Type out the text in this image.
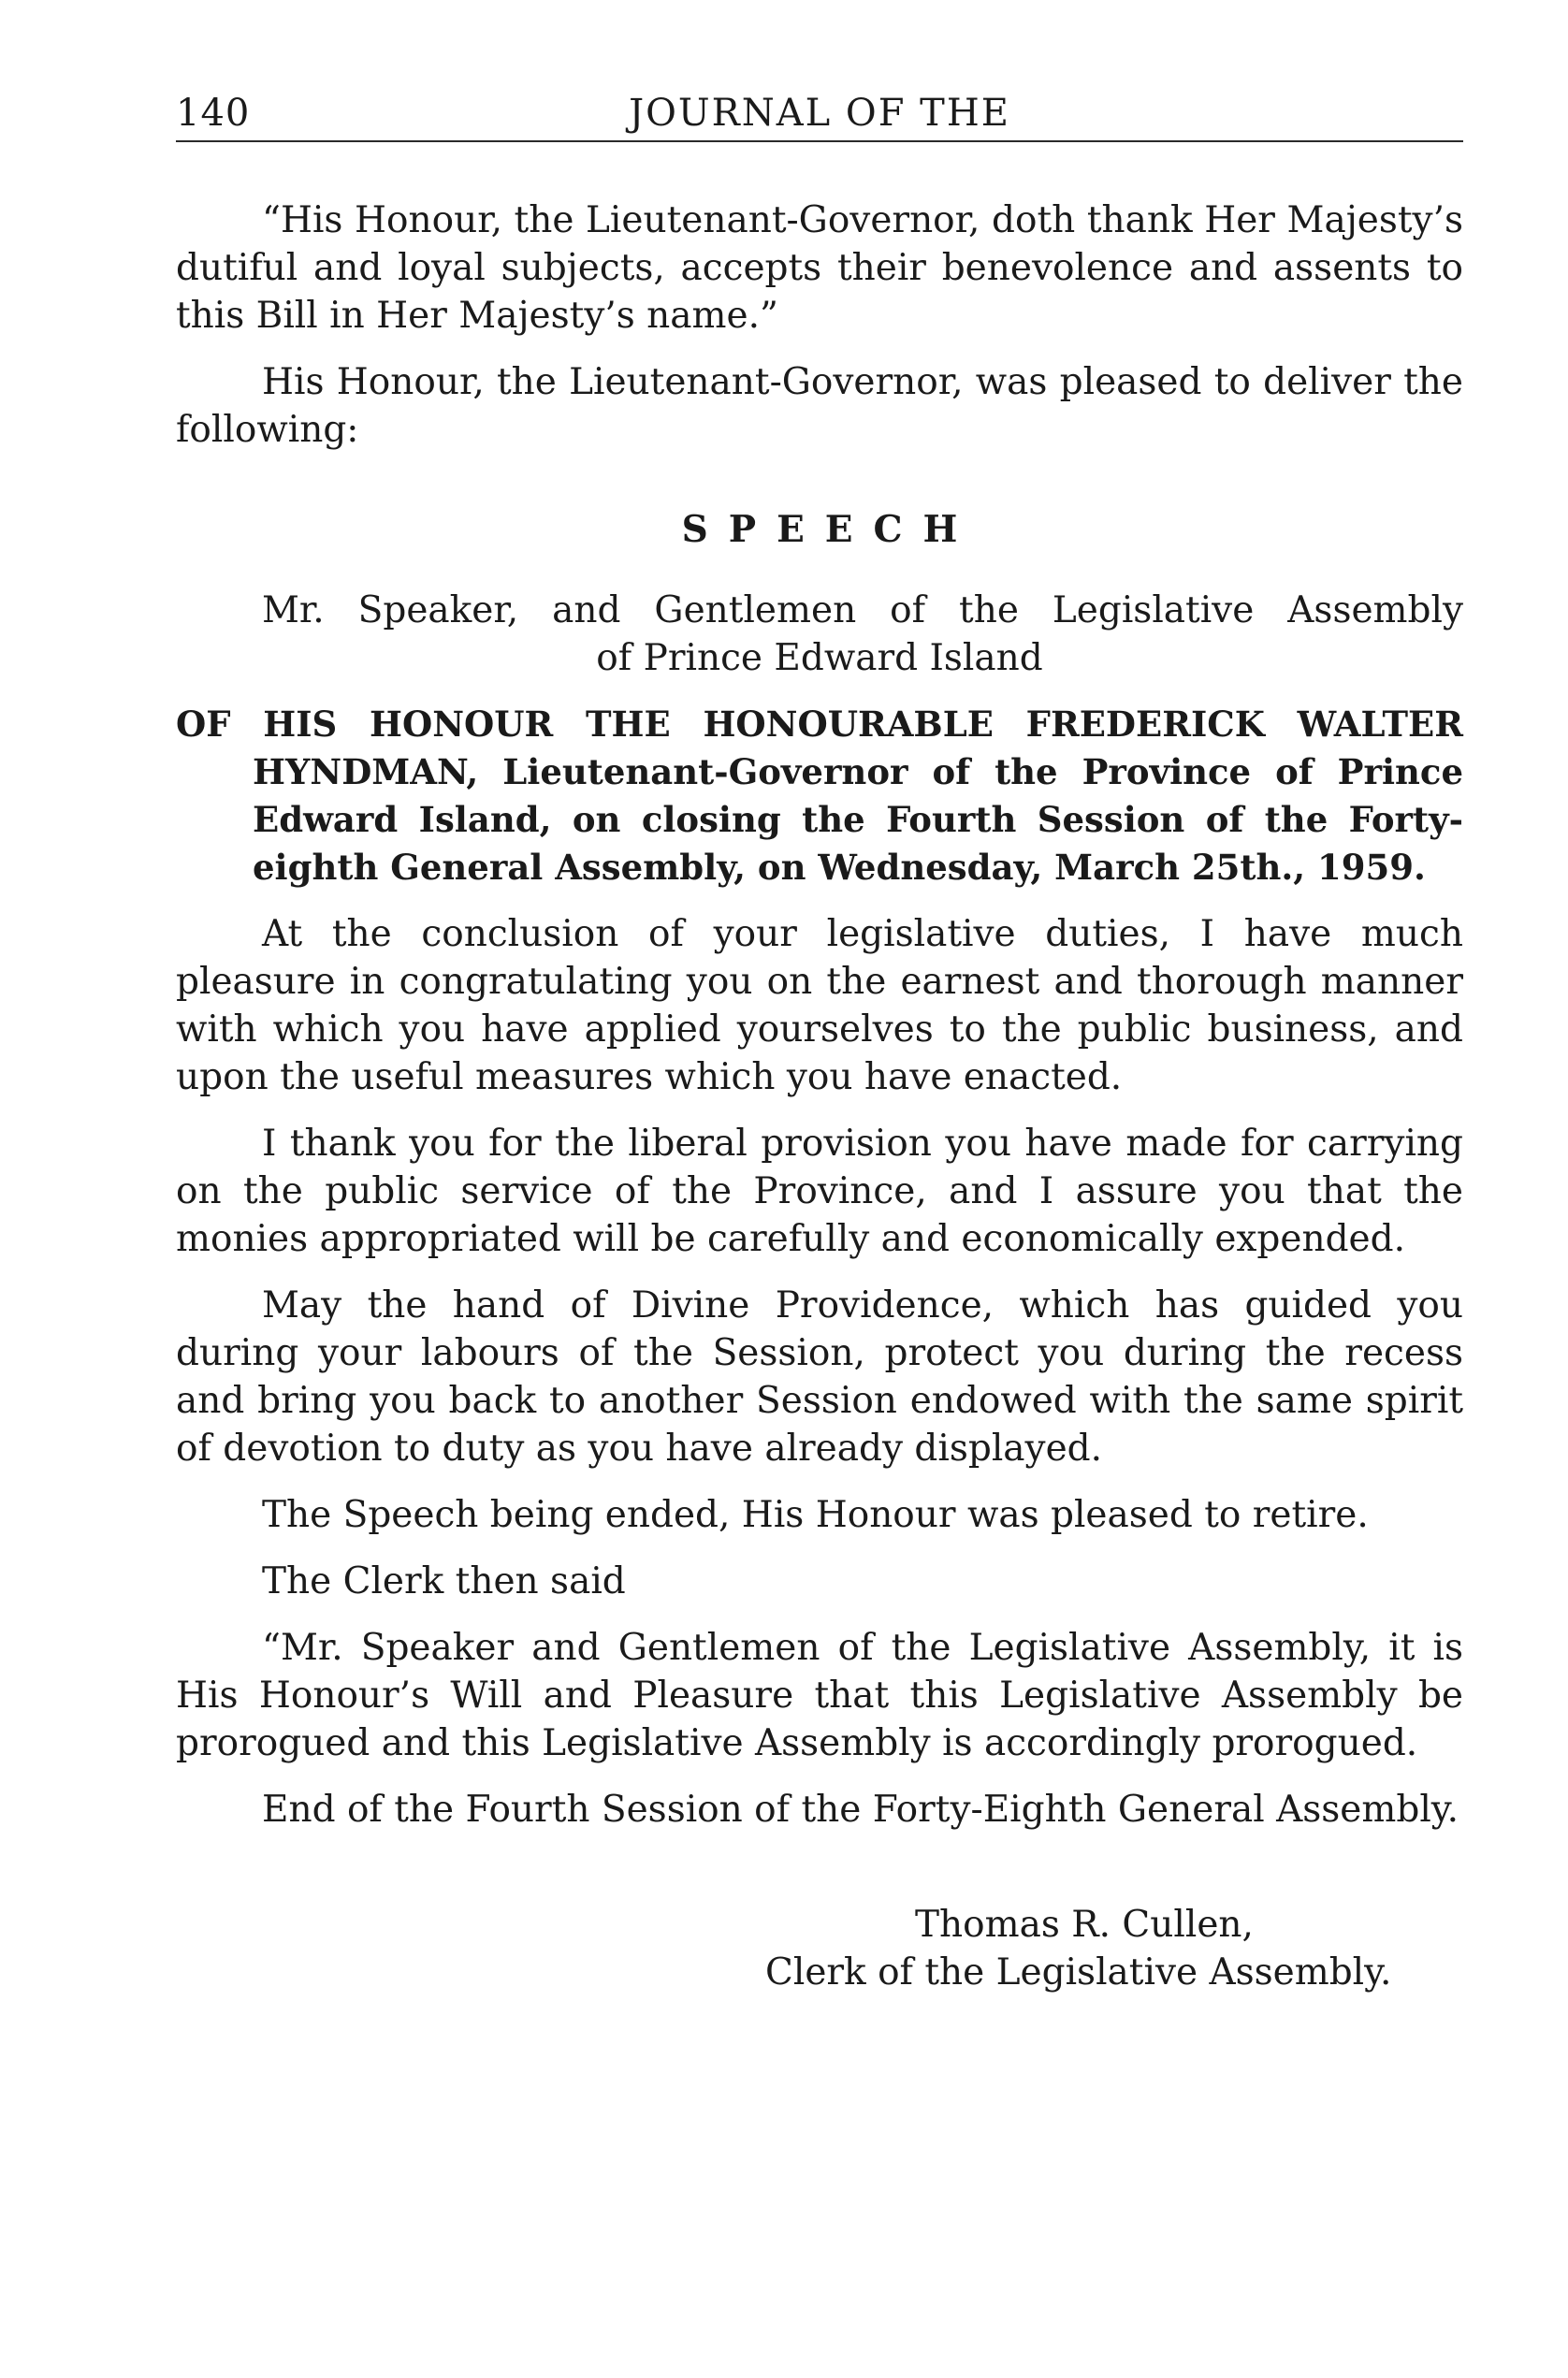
140	JOURNAL OF THE

“His Honour, the Lieutenant-Governor, doth thank Her Majesty’s dutiful and loyal subjects, accepts their benevolence and assents to this Bill in Her Majesty’s name.”

His Honour, the Lieutenant-Governor, was pleased to deliver the following:

SPEECH
Mr. Speaker, and Gentlemen of the Legislative Assembly
of Prince Edward Island

OF HIS HONOUR THE HONOURABLE FREDERICK WALTER HYNDMAN, Lieutenant-Governor of the Province of Prince Edward Island, on closing the Fourth Session of the Forty-eighth General Assembly, on Wednesday, March 25th., 1959.

At the conclusion of your legislative duties, I have much pleasure in congratulating you on the earnest and thorough manner with which you have applied yourselves to the public business, and upon the useful measures which you have enacted.

I thank you for the liberal provision you have made for carrying on the public service of the Province, and I assure you that the monies appropriated will be carefully and economically expended.

May the hand of Divine Providence, which has guided you during your labours of the Session, protect you during the recess and bring you back to another Session endowed with the same spirit of devotion to duty as you have already displayed.

The Speech being ended, His Honour was pleased to retire.

The Clerk then said

“Mr. Speaker and Gentlemen of the Legislative Assembly, it is His Honour’s Will and Pleasure that this Legislative Assembly be prorogued and this Legislative Assembly is accordingly prorogued.

End of the Fourth Session of the Forty-Eighth General Assembly.

Thomas R. Cullen,
Clerk of the Legislative Assembly.
